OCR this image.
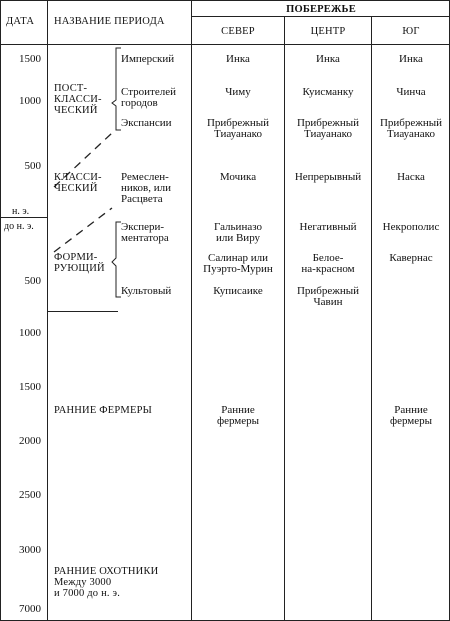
ДАТА НАЗВАНИЕ ПЕРИОДА
ПОБЕРЕЖЬЕ
СЕВЕР	ЦЕНТР	ЮГ
1500
1000
500
н. э.
до н. э.
500
1000
1500
2000
2500
3000
7000
ПОСТ-
КЛАССИ-
ЧЕСКИЙ
КЛАССИ-
ЧЕСКИЙ
ФОРМИ-
РУЮЩИЙ
РАННИЕ ФЕРМЕРЫ
РАННИЕ ОХОТНИКИ
Между 3000
и 7000 до н. э.
Имперский
Строителей
городов
Экспансии
Ремеслен-
ников, или
Расцвета
Экспери-
ментатора
Культовый
Инка
Чиму
Прибрежный
Тиауанако
Мочика
Гальиназо
или Виру
Салинар или
Пуэрто-Мурин
Куписаике
Ранние
фермеры
Инка
Куисманку
Прибрежный
Тиауанако
Непрерывный
Негативный
Белое-
на-красном
Прибрежный
Чавин
Инка
Чинча
Прибрежный
Тиауанако
Наска
Некрополис
Кавернас
Ранние
фермеры
